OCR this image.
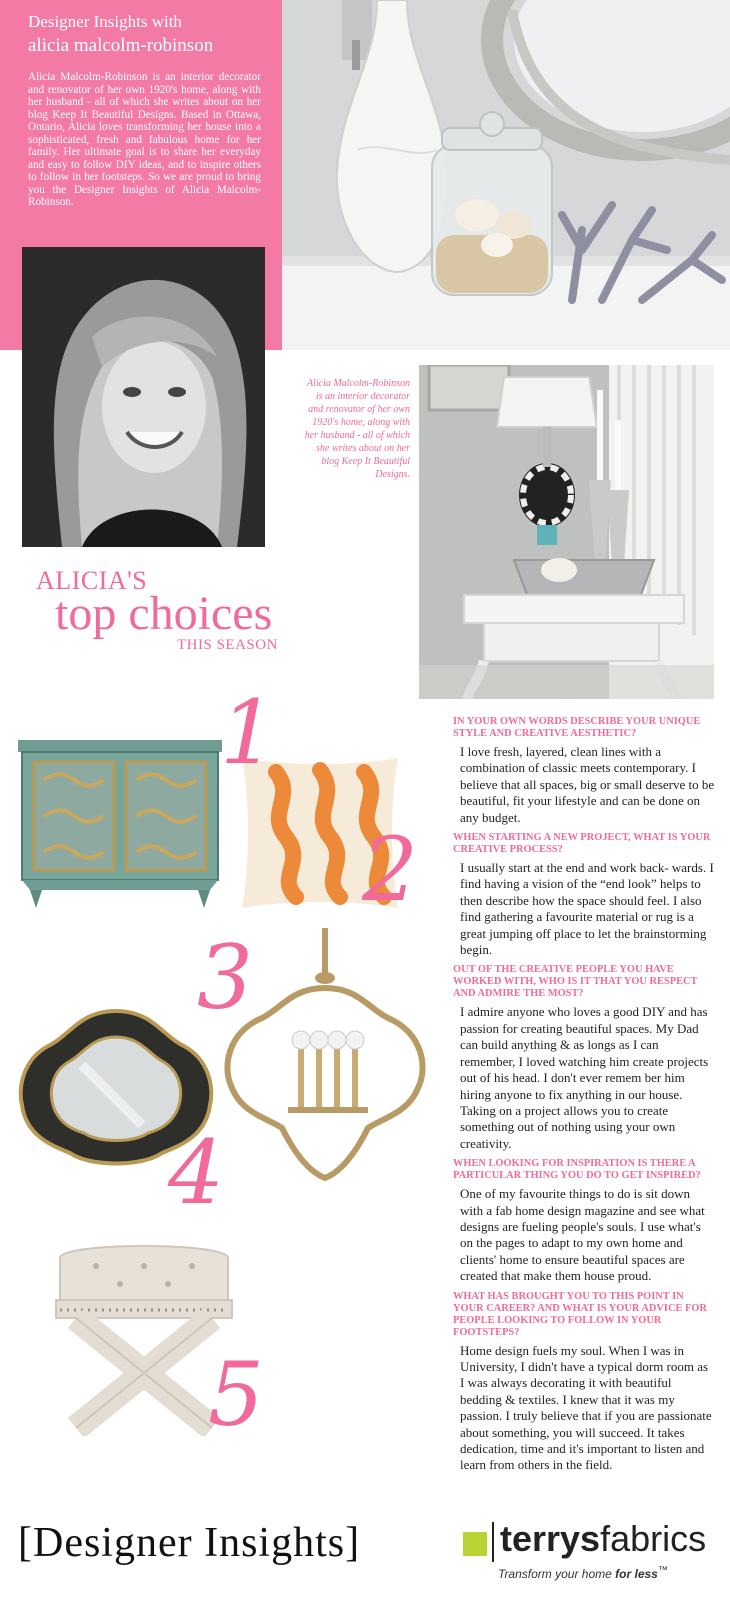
Designer Insights with
alicia malcolm-robinson
Alicia Malcolm-Robinson is an interior decorator and renovator of her own 1920's home, along with her husband - all of which she writes about on her blog Keep It Beautiful Designs. Based in Ottawa, Ontario, Alicia loves transforming her house into a sophisticated, fresh and fabulous home for her family. Her ultimate goal is to share her everyday and easy to follow DIY ideas, and to inspire others to follow in her footsteps. So we are proud to bring you the Designer Insights of Alicia Malcolm-Robinson.
Alicia Malcolm-Robinson is an interior decorator and renovator of her own 1920's home, along with her husband - all of which she writes about on her blog Keep It Beautiful Designs.
ALICIA'S
top choices
THIS SEASON
1
2
3
4
5

IN YOUR OWN WORDS DESCRIBE YOUR UNIQUE STYLE AND CREATIVE AESTHETIC?

I love fresh, layered, clean lines with a combination of classic meets contemporary. I believe that all spaces, big or small deserve to be beautiful, fit your lifestyle and can be done on any budget.

WHEN STARTING A NEW PROJECT, WHAT IS YOUR CREATIVE PROCESS?

I usually start at the end and work back- wards. I find having a vision of the “end look” helps to then describe how the space should feel. I also find gathering a favourite material or rug is a great jumping off place to let the brainstorming begin.

OUT OF THE CREATIVE PEOPLE YOU HAVE WORKED WITH, WHO IS IT THAT YOU RESPECT AND ADMIRE THE MOST?

I admire anyone who loves a good DIY and has passion for creating beautiful spaces. My Dad can build anything & as longs as I can remember, I loved watching him create projects out of his head. I don't ever remem ber him hiring anyone to fix anything in our house. Taking on a project allows you to create something out of nothing using your own creativity.

WHEN LOOKING FOR INSPIRATION IS THERE A PARTICULAR THING YOU DO TO GET INSPIRED?

One of my favourite things to do is sit down with a fab home design magazine and see what designs are fueling people's souls. I use what's on the pages to adapt to my own home and clients' home to ensure beautiful spaces are created that make them house proud.

WHAT HAS BROUGHT YOU TO THIS POINT IN YOUR CAREER? AND WHAT IS YOUR ADVICE FOR PEOPLE LOOKING TO FOLLOW IN YOUR FOOTSTEPS?

Home design fuels my soul. When I was in University, I didn't have a typical dorm room as I was always decorating it with beautiful bedding & textiles. I knew that it was my passion. I truly believe that if you are passionate about something, you will succeed. It takes dedication, time and it's important to listen and learn from others in the field.

[Designer Insights]	terrysfabrics
Transform your home for less™
